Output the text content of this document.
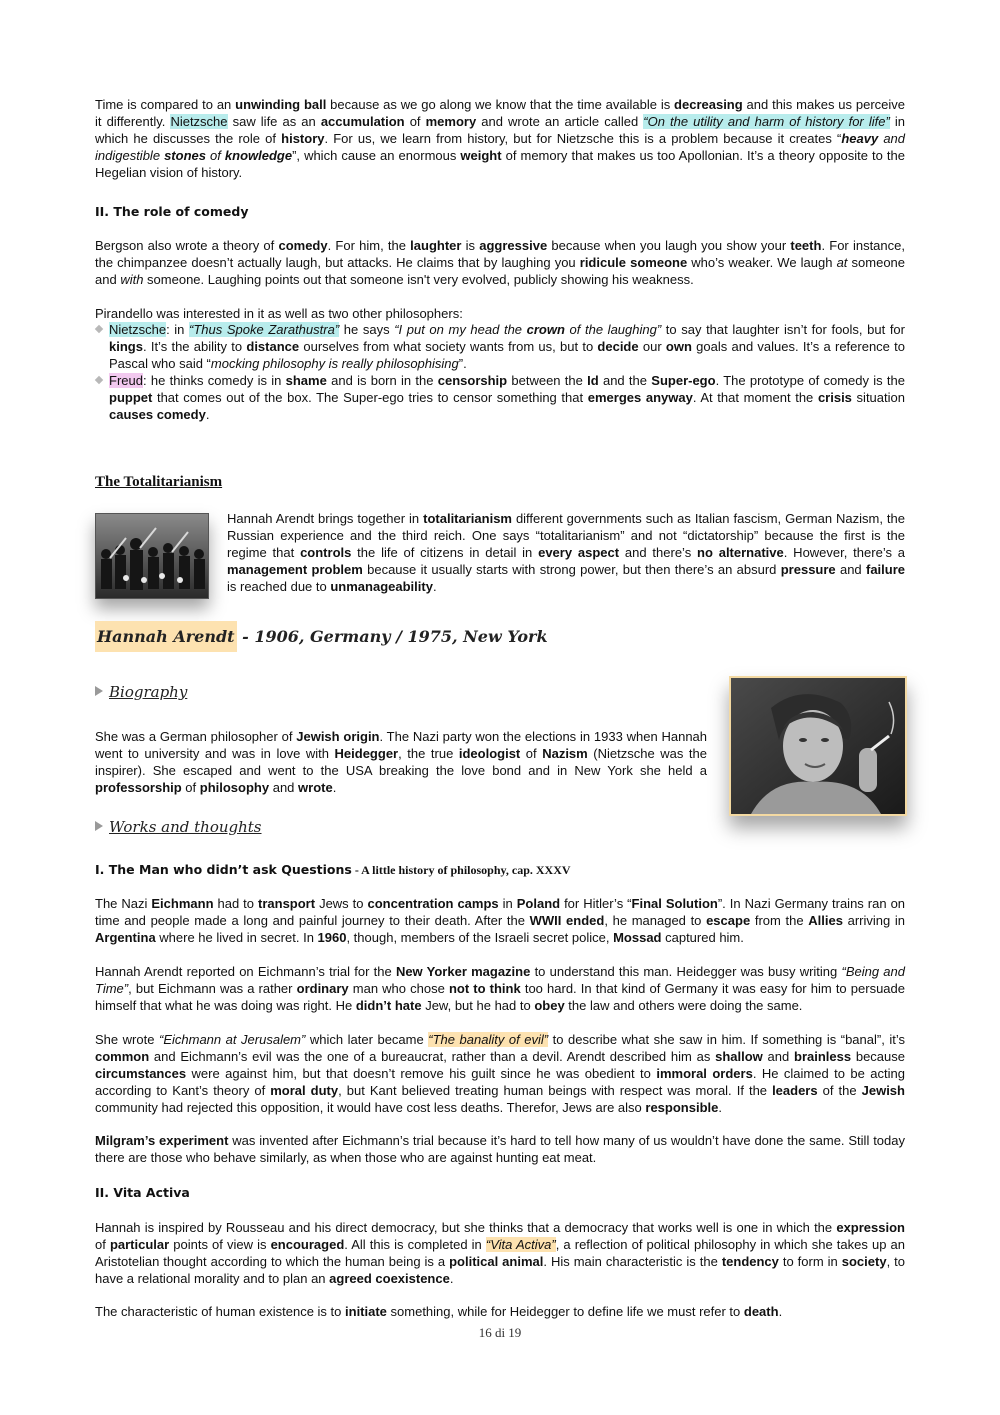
Time is compared to an unwinding ball because as we go along we know that the time available is decreasing and this makes us perceive it differently. Nietzsche saw life as an accumulation of memory and wrote an article called “On the utility and harm of history for life” in which he discusses the role of history. For us, we learn from history, but for Nietzsche this is a problem because it creates “heavy and indigestible stones of knowledge”, which cause an enormous weight of memory that makes us too Apollonian. It’s a theory opposite to the Hegelian vision of history.

II. The role of comedy

Bergson also wrote a theory of comedy. For him, the laughter is aggressive because when you laugh you show your teeth. For instance, the chimpanzee doesn’t actually laugh, but attacks. He claims that by laughing you ridicule someone who’s weaker. We laugh at someone and with someone. Laughing points out that someone isn't very evolved, publicly showing his weakness.

Pirandello was interested in it as well as two other philosophers:

Nietzsche: in “Thus Spoke Zarathustra” he says “I put on my head the crown of the laughing” to say that laughter isn’t for fools, but for kings. It’s the ability to distance ourselves from what society wants from us, but to decide our own goals and values. It’s a reference to Pascal who said “mocking philosophy is really philosophising”.
Freud: he thinks comedy is in shame and is born in the censorship between the Id and the Super-ego. The prototype of comedy is the puppet that comes out of the box. The Super-ego tries to censor something that emerges anyway. At that moment the crisis situation causes comedy.
The Totalitarianism

Hannah Arendt brings together in totalitarianism different governments such as Italian fascism, German Nazism, the Russian experience and the third reich. One says “totalitarianism” and not “dictatorship” because the first is the regime that controls the life of citizens in detail in every aspect and there’s no alternative. However, there’s a management problem because it usually starts with strong power, but then there’s an absurd pressure and failure is reached due to unmanageability.

Hannah Arendt - 1906, Germany / 1975, New York
Biography

She was a German philosopher of Jewish origin. The Nazi party won the elections in 1933 when Hannah went to university and was in love with Heidegger, the true ideologist of Nazism (Nietzsche was the inspirer). She escaped and went to the USA breaking the love bond and in New York she held a professorship of philosophy and wrote.

Works and thoughts
I. The Man who didn’t ask Questions - A little history of philosophy, cap. XXXV

The Nazi Eichmann had to transport Jews to concentration camps in Poland for Hitler’s “Final Solution”. In Nazi Germany trains ran on time and people made a long and painful journey to their death. After the WWII ended, he managed to escape from the Allies arriving in Argentina where he lived in secret. In 1960, though, members of the Israeli secret police, Mossad captured him.

Hannah Arendt reported on Eichmann’s trial for the New Yorker magazine to understand this man. Heidegger was busy writing “Being and Time”, but Eichmann was a rather ordinary man who chose not to think too hard. In that kind of Germany it was easy for him to persuade himself that what he was doing was right. He didn’t hate Jew, but he had to obey the law and others were doing the same.

She wrote “Eichmann at Jerusalem” which later became “The banality of evil” to describe what she saw in him. If something is “banal”, it’s common and Eichmann’s evil was the one of a bureaucrat, rather than a devil. Arendt described him as shallow and brainless because circumstances were against him, but that doesn’t remove his guilt since he was obedient to immoral orders. He claimed to be acting according to Kant’s theory of moral duty, but Kant believed treating human beings with respect was moral. If the leaders of the Jewish community had rejected this opposition, it would have cost less deaths. Therefor, Jews are also responsible.

Milgram’s experiment was invented after Eichmann’s trial because it’s hard to tell how many of us wouldn’t have done the same. Still today there are those who behave similarly, as when those who are against hunting eat meat.

II. Vita Activa

Hannah is inspired by Rousseau and his direct democracy, but she thinks that a democracy that works well is one in which the expression of particular points of view is encouraged. All this is completed in “Vita Activa”, a reflection of political philosophy in which she takes up an Aristotelian thought according to which the human being is a political animal. His main characteristic is the tendency to form in society, to have a relational morality and to plan an agreed coexistence.

The characteristic of human existence is to initiate something, while for Heidegger to define life we must refer to death.

16 di 19
